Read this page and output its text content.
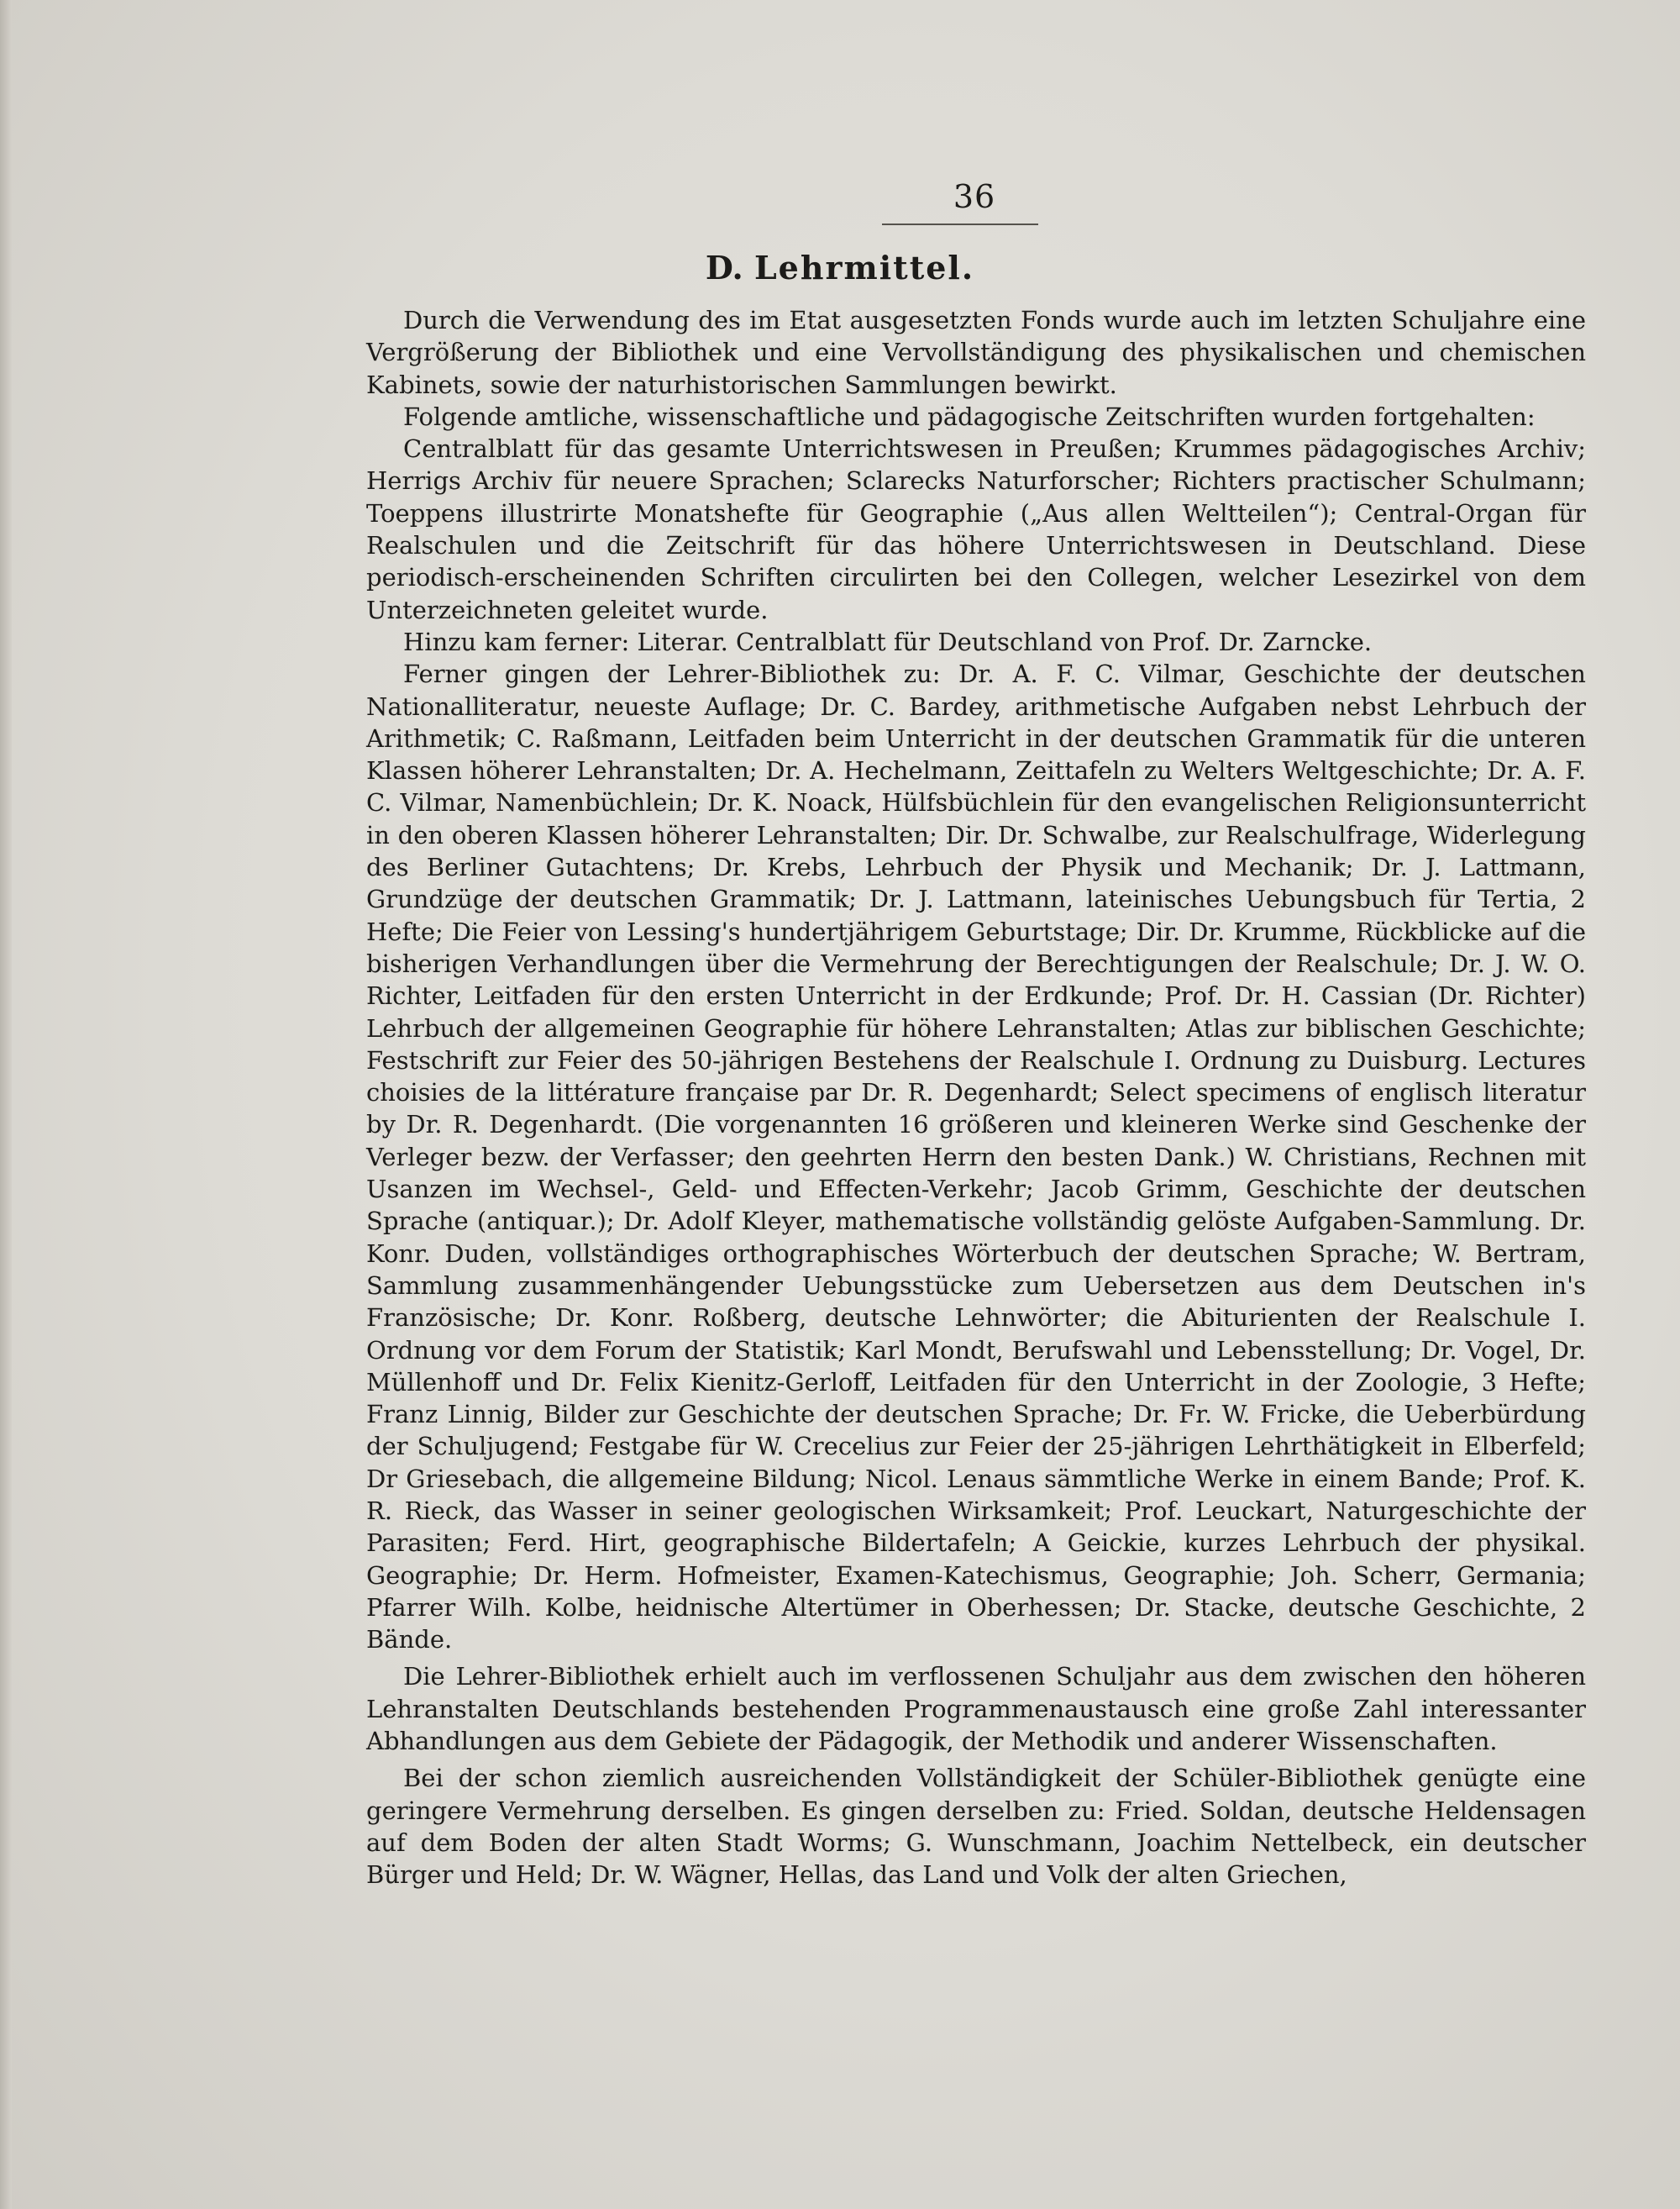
36
D. Lehrmittel.

Durch die Verwendung des im Etat ausgesetzten Fonds wurde auch im letzten Schuljahre eine Vergrößerung der Bibliothek und eine Vervollständigung des physikalischen und chemischen Kabinets, sowie der naturhistorischen Sammlungen bewirkt.

Folgende amtliche, wissenschaftliche und pädagogische Zeitschriften wurden fortgehalten:

Centralblatt für das gesamte Unterrichtswesen in Preußen; Krummes pädagogisches Archiv; Herrigs Archiv für neuere Sprachen; Sclarecks Naturforscher; Richters practischer Schulmann; Toeppens illustrirte Monatshefte für Geographie („Aus allen Weltteilen“); Central-Organ für Realschulen und die Zeitschrift für das höhere Unterrichtswesen in Deutschland. Diese periodisch-erscheinenden Schriften circulirten bei den Collegen, welcher Lesezirkel von dem Unterzeichneten geleitet wurde.

Hinzu kam ferner: Literar. Centralblatt für Deutschland von Prof. Dr. Zarncke.

Ferner gingen der Lehrer-Bibliothek zu: Dr. A. F. C. Vilmar, Geschichte der deutschen Nationalliteratur, neueste Auflage; Dr. C. Bardey, arithmetische Aufgaben nebst Lehrbuch der Arithmetik; C. Raßmann, Leitfaden beim Unterricht in der deutschen Grammatik für die unteren Klassen höherer Lehranstalten; Dr. A. Hechelmann, Zeittafeln zu Welters Weltgeschichte; Dr. A. F. C. Vilmar, Namenbüchlein; Dr. K. Noack, Hülfsbüchlein für den evangelischen Religionsunterricht in den oberen Klassen höherer Lehranstalten; Dir. Dr. Schwalbe, zur Realschulfrage, Widerlegung des Berliner Gutachtens; Dr. Krebs, Lehrbuch der Physik und Mechanik; Dr. J. Lattmann, Grundzüge der deutschen Grammatik; Dr. J. Lattmann, lateinisches Uebungsbuch für Tertia, 2 Hefte; Die Feier von Lessing's hundertjährigem Geburtstage; Dir. Dr. Krumme, Rückblicke auf die bisherigen Verhandlungen über die Vermehrung der Berechtigungen der Realschule; Dr. J. W. O. Richter, Leitfaden für den ersten Unterricht in der Erdkunde; Prof. Dr. H. Cassian (Dr. Richter) Lehrbuch der allgemeinen Geographie für höhere Lehranstalten; Atlas zur biblischen Geschichte; Festschrift zur Feier des 50-jährigen Bestehens der Realschule I. Ordnung zu Duisburg. Lectures choisies de la littérature française par Dr. R. Degenhardt; Select specimens of englisch literatur by Dr. R. Degenhardt. (Die vorgenannten 16 größeren und kleineren Werke sind Geschenke der Verleger bezw. der Verfasser; den geehrten Herrn den besten Dank.) W. Christians, Rechnen mit Usanzen im Wechsel-, Geld- und Effecten-Verkehr; Jacob Grimm, Geschichte der deutschen Sprache (antiquar.); Dr. Adolf Kleyer, mathematische vollständig gelöste Aufgaben-Sammlung. Dr. Konr. Duden, vollständiges orthographisches Wörterbuch der deutschen Sprache; W. Bertram, Sammlung zusammenhängender Uebungsstücke zum Uebersetzen aus dem Deutschen in's Französische; Dr. Konr. Roßberg, deutsche Lehnwörter; die Abiturienten der Realschule I. Ordnung vor dem Forum der Statistik; Karl Mondt, Berufswahl und Lebensstellung; Dr. Vogel, Dr. Müllenhoff und Dr. Felix Kienitz-Gerloff, Leitfaden für den Unterricht in der Zoologie, 3 Hefte; Franz Linnig, Bilder zur Geschichte der deutschen Sprache; Dr. Fr. W. Fricke, die Ueberbürdung der Schuljugend; Festgabe für W. Crecelius zur Feier der 25-jährigen Lehrthätigkeit in Elberfeld; Dr Griesebach, die allgemeine Bildung; Nicol. Lenaus sämmtliche Werke in einem Bande; Prof. K. R. Rieck, das Wasser in seiner geologischen Wirksamkeit; Prof. Leuckart, Naturgeschichte der Parasiten; Ferd. Hirt, geographische Bildertafeln; A Geickie, kurzes Lehrbuch der physikal. Geographie; Dr. Herm. Hofmeister, Examen-Katechismus, Geographie; Joh. Scherr, Germania; Pfarrer Wilh. Kolbe, heidnische Altertümer in Oberhessen; Dr. Stacke, deutsche Geschichte, 2 Bände.

Die Lehrer-Bibliothek erhielt auch im verflossenen Schuljahr aus dem zwischen den höheren Lehranstalten Deutschlands bestehenden Programmenaustausch eine große Zahl interessanter Abhandlungen aus dem Gebiete der Pädagogik, der Methodik und anderer Wissenschaften.

Bei der schon ziemlich ausreichenden Vollständigkeit der Schüler-Bibliothek genügte eine geringere Vermehrung derselben. Es gingen derselben zu: Fried. Soldan, deutsche Heldensagen auf dem Boden der alten Stadt Worms; G. Wunschmann, Joachim Nettelbeck, ein deutscher Bürger und Held; Dr. W. Wägner, Hellas, das Land und Volk der alten Griechen,
